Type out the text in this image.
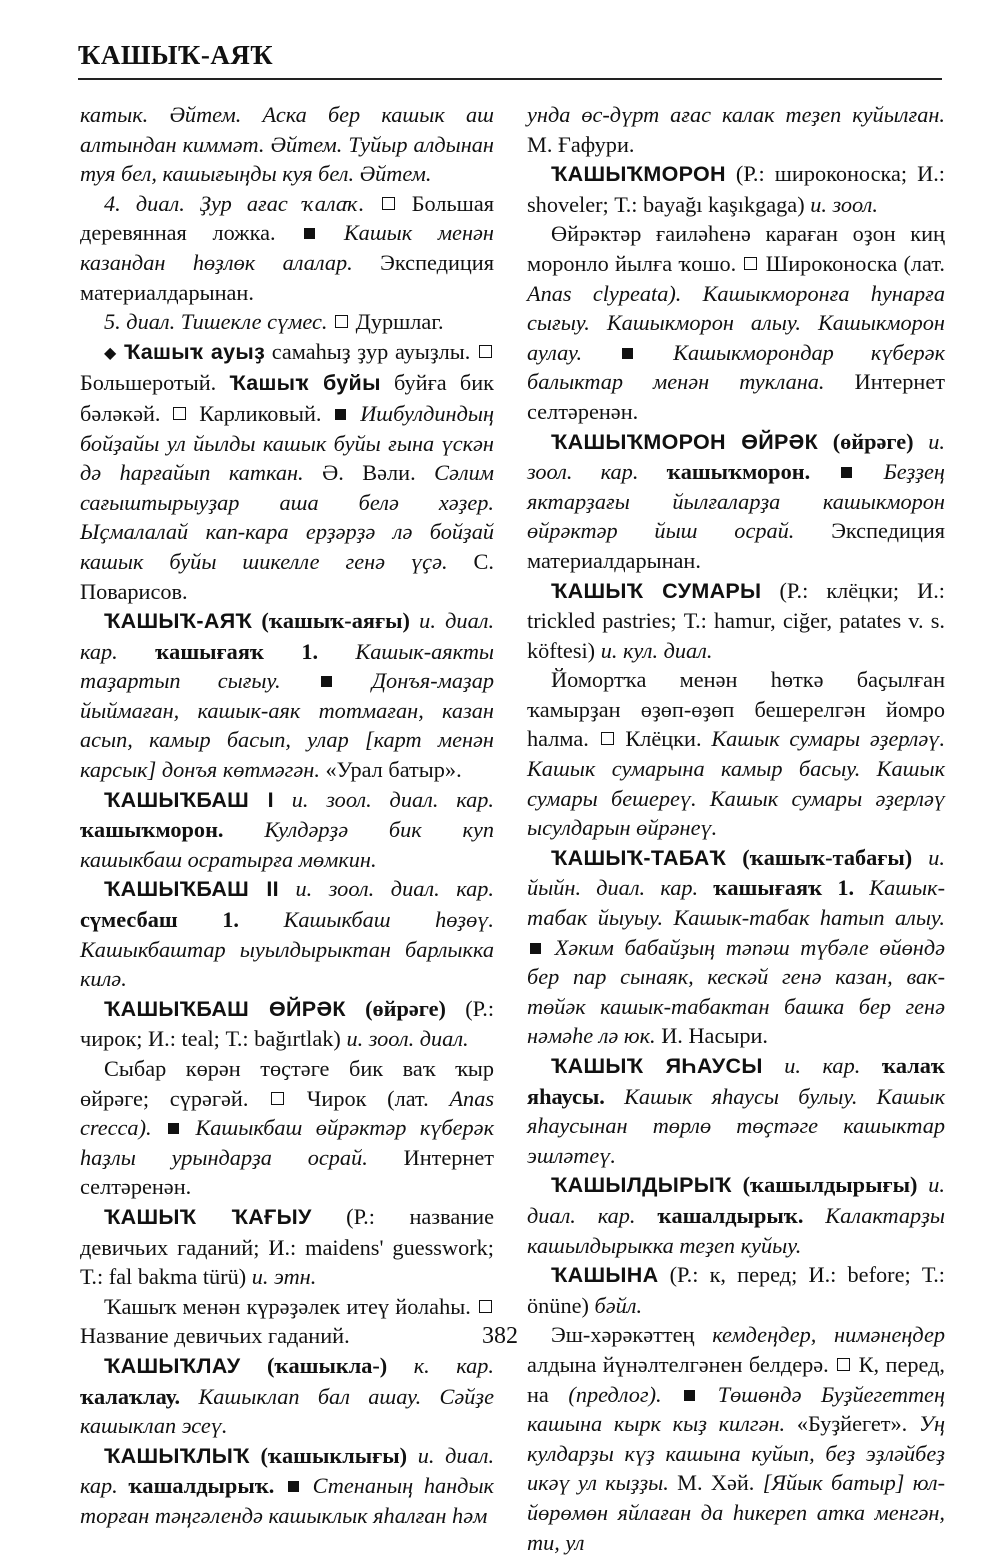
ҠАШЫҠ-АЯҠ

катык. Әйтем. Аска бер кашык аш алтындан киммәт. Әйтем. Туйыр алдынан туя бел, кашығыңды куя бел. Әйтем.

4. диал. Ҙур ағас ҡалаҡ. Большая деревянная ложка.	Кашык менән казандан һөҙлөк алалар. Экспедиция материалдарынан.

5. диал. Тишекле сүмес. Дуршлаг.

◆ Ҡашыҡ ауыҙ самаһыҙ ҙур ауыҙлы.  Большеротый. Ҡашыҡ буйы буйға бик бәләкәй. Карликовый. Ишбулдиндың бойҙайы ул йылды кашык буйы ғына үскән дә һарғайып каткан. Ә. Вәли. Сәлим сағыштырыуҙар аша белә хәҙер. Ыҫмалалай кап-кара ерҙәрҙә лә бойҙай кашык буйы шикелле генә үҫә. С. Поварисов.

ҠАШЫҠ-АЯҠ (ҡашыҡ-аяғы) и. диал. кар. ҡашығаяҡ 1. Кашык-аякты таҙартып сығыу.	Донъя-маҙар йыймаған, кашык-аяк тотмаған, казан асып, камыр басып, улар [карт менән карсык] донъя көтмәгән. «Урал батыр».

ҠАШЫҠБАШ I и. зоол. диал. кар. ҡашыҡморон. Кулдәрҙә бик куп кашыкбаш осратырға мөмкин.

ҠАШЫҠБАШ II и. зоол. диал. кар. сүмесбаш 1. Кашыкбаш һөҙөү. Кашыкбаштар ыуылдырыктан барлыкка килә.

ҠАШЫҠБАШ ӨЙРӘК (өйрәге) (Р.: чирок; И.: teal; Т.: bağırtlak) и. зоол. диал.

Сыбар көрән төҫтәге бик ваҡ ҡыр өйрәге; сүрәгәй.	Чирок (лат. Anas crecca). Кашыкбаш өйрәктәр күберәк һаҙлы урындарҙа осрай. Интернет селтәренән.

ҠАШЫҠ ҠАҒЫУ (Р.: название девичьих гаданий; И.: maidens' guesswork; Т.: fal bakma türü) и. этн.

Ҡашыҡ менән күрәҙәлек итеү йолаһы.  Название девичьих гаданий.

ҠАШЫҠЛАУ (ҡашыкла-) к. кар. ҡалаҡлау. Кашыклап бал ашау. Сәйҙе кашыклап эсеү.

ҠАШЫҠЛЫҠ (ҡашыклығы) и. диал. кар. ҡашалдырыҡ. Стенаның һандык торған тәңгәлендә кашыклык яһалған һәм

унда өс-дүрт ағас калак теҙеп куйылған. М. Ғафури.

ҠАШЫҠМОРОН (Р.: широконоска; И.: shoveler; Т.: bayağı kaşıkgaga) и. зоол.

Өйрәктәр ғаиләһенә караған оҙон киң моронло йылға ҡошо. Широконоска (лат. Anas clypeata). Кашыкморонға һунарға сығыу. Кашыкморон алыу. Кашыкморон аулау.	Кашыкморондар күберәк балыктар менән туклана. Интернет селтәренән.

ҠАШЫҠМОРОН ӨЙРӘК (өйрәге) и. зоол. кар. ҡашыҡморон.	Беҙҙең яктарҙағы йылғаларҙа кашыкморон өйрәктәр йыш осрай. Экспедиция материалдарынан.

ҠАШЫҠ СУМАРЫ (Р.: клёцки; И.: trickled pastries; Т.: hamur, ciğer, patates v. s. köftesi) и. кул. диал.

Йомортҡа менән һөткә баҫылған ҡамырҙан өҙөп-өҙөп бешерелгән йомро һалма. Клёцки. Кашык сумары әҙерләү. Кашык сумарына камыр басыу. Кашык сумары бешереү. Кашык сумары әҙерләү ысулдарын өйрәнеү.

ҠАШЫҠ-ТАБАҠ (ҡашыҡ-табағы) и. йыйн. диал. кар. ҡашығаяҡ 1. Кашык-табак йыуыу. Кашык-табак һатып алыу.  Хәким бабайҙың тәпәш түбәле өйөндә бер пар сынаяк, кескәй генә казан, вак-төйәк кашык-табактан башка бер генә нәмәһе лә юк. И. Насыри.

ҠАШЫҠ ЯҺАУСЫ и. кар. ҡалаҡ яһаусы. Кашык яһаусы булыу. Кашык яһаусынан төрлө төҫтәге кашыктар эшләтеү.

ҠАШЫЛДЫРЫҠ (ҡашылдырығы) и. диал. кар. ҡашалдырыҡ. Калактарҙы кашылдырыкка теҙеп куйыу.

ҠАШЫНА (Р.: к, перед; И.: before; Т.: önüne) бәйл.

Эш-хәрәкәттең кемдеңдер, нимәнеңдер алдына йүнәлтелгәнен белдерә. К, перед, на (предлог).	Төшөндә Буҙйегеттең кашына кырк кыҙ килгән. «Буҙйегет». Уң кулдарҙы күҙ кашына куйып, беҙ эҙләйбеҙ икәү ул кыҙҙы. М. Хәй. [Яйык батыр] юл-йөрөмөн яйлаған да һикереп атка менгән, ти, ул

382
